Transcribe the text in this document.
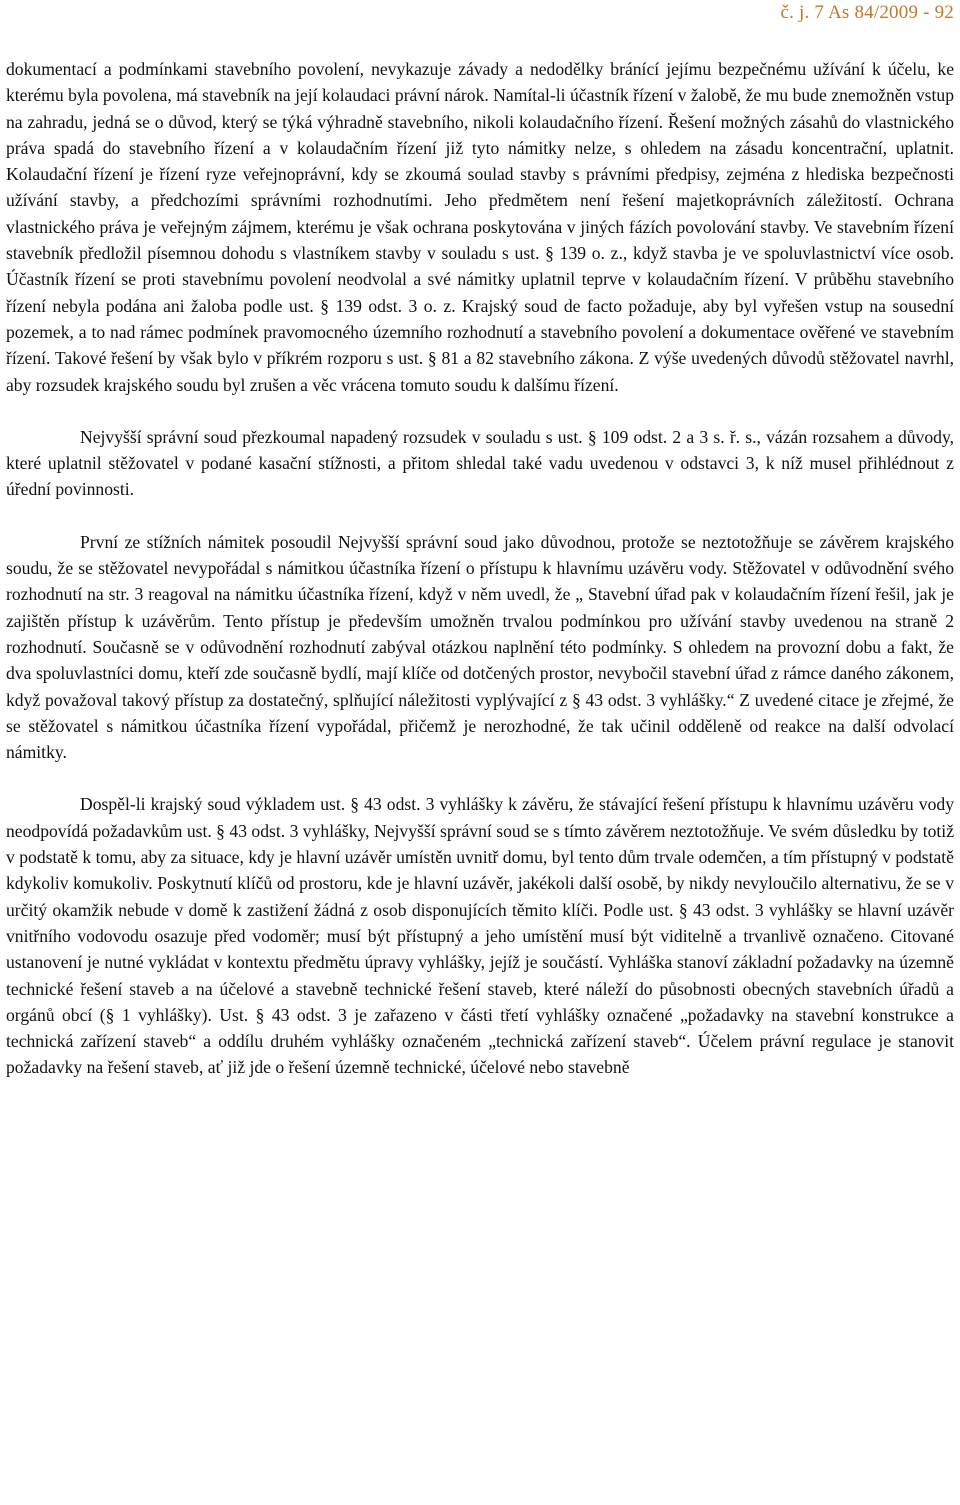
č. j. 7 As 84/2009 - 92

dokumentací a podmínkami stavebního povolení, nevykazuje závady a nedodělky bránící jejímu bezpečnému užívání k účelu, ke kterému byla povolena, má stavebník na její kolaudaci právní nárok. Namítal-li účastník řízení v žalobě, že mu bude znemožněn vstup na zahradu, jedná se o důvod, který se týká výhradně stavebního, nikoli kolaudačního řízení. Řešení možných zásahů do vlastnického práva spadá do stavebního řízení a v kolaudačním řízení již tyto námitky nelze, s ohledem na zásadu koncentrační, uplatnit. Kolaudační řízení je řízení ryze veřejnoprávní, kdy se zkoumá soulad stavby s právními předpisy, zejména z hlediska bezpečnosti užívání stavby, a předchozími správními rozhodnutími. Jeho předmětem není řešení majetkoprávních záležitostí. Ochrana vlastnického práva je veřejným zájmem, kterému je však ochrana poskytována v jiných fázích povolování stavby. Ve stavebním řízení stavebník předložil písemnou dohodu s vlastníkem stavby v souladu s ust. § 139 o. z., když stavba je ve spoluvlastnictví více osob. Účastník řízení se proti stavebnímu povolení neodvolal a své námitky uplatnil teprve v kolaudačním řízení. V průběhu stavebního řízení nebyla podána ani žaloba podle ust. § 139 odst. 3 o. z. Krajský soud de facto požaduje, aby byl vyřešen vstup na sousední pozemek, a to nad rámec podmínek pravomocného územního rozhodnutí a stavebního povolení a dokumentace ověřené ve stavebním řízení. Takové řešení by však bylo v příkrém rozporu s ust. § 81 a 82 stavebního zákona. Z výše uvedených důvodů stěžovatel navrhl, aby rozsudek krajského soudu byl zrušen a věc vrácena tomuto soudu k dalšímu řízení.

Nejvyšší správní soud přezkoumal napadený rozsudek v souladu s ust. § 109 odst. 2 a 3 s. ř. s., vázán rozsahem a důvody, které uplatnil stěžovatel v podané kasační stížnosti, a přitom shledal také vadu uvedenou v odstavci 3, k níž musel přihlédnout z úřední povinnosti.

První ze stížních námitek posoudil Nejvyšší správní soud jako důvodnou, protože se neztotožňuje se závěrem krajského soudu, že se stěžovatel nevypořádal s námitkou účastníka řízení o přístupu k hlavnímu uzávěru vody. Stěžovatel v odůvodnění svého rozhodnutí na str. 3 reagoval na námitku účastníka řízení, když v něm uvedl, že „ Stavební úřad pak v kolaudačním řízení řešil, jak je zajištěn přístup k uzávěrům. Tento přístup je především umožněn trvalou podmínkou pro užívání stavby uvedenou na straně 2 rozhodnutí. Současně se v odůvodnění rozhodnutí zabýval otázkou naplnění této podmínky. S ohledem na provozní dobu a fakt, že dva spoluvlastníci domu, kteří zde současně bydlí, mají klíče od dotčených prostor, nevybočil stavební úřad z rámce daného zákonem, když považoval takový přístup za dostatečný, splňující náležitosti vyplývající z § 43 odst. 3 vyhlášky.“ Z uvedené citace je zřejmé, že se stěžovatel s námitkou účastníka řízení vypořádal, přičemž je nerozhodné, že tak učinil odděleně od reakce na další odvolací námitky.

Dospěl-li krajský soud výkladem ust. § 43 odst. 3 vyhlášky k závěru, že stávající řešení přístupu k hlavnímu uzávěru vody neodpovídá požadavkům ust. § 43 odst. 3 vyhlášky, Nejvyšší správní soud se s tímto závěrem neztotožňuje. Ve svém důsledku by totiž v podstatě k tomu, aby za situace, kdy je hlavní uzávěr umístěn uvnitř domu, byl tento dům trvale odemčen, a tím přístupný v podstatě kdykoliv komukoliv. Poskytnutí klíčů od prostoru, kde je hlavní uzávěr, jakékoli další osobě, by nikdy nevyloučilo alternativu, že se v určitý okamžik nebude v domě k zastižení žádná z osob disponujících těmito klíči. Podle ust. § 43 odst. 3 vyhlášky se hlavní uzávěr vnitřního vodovodu osazuje před vodoměr; musí být přístupný a jeho umístění musí být viditelně a trvanlivě označeno. Citované ustanovení je nutné vykládat v kontextu předmětu úpravy vyhlášky, jejíž je součástí. Vyhláška stanoví základní požadavky na územně technické řešení staveb a na účelové a stavebně technické řešení staveb, které náleží do působnosti obecných stavebních úřadů a orgánů obcí (§ 1 vyhlášky). Ust. § 43 odst. 3 je zařazeno v části třetí vyhlášky označené „požadavky na stavební konstrukce a technická zařízení staveb“ a oddílu druhém vyhlášky označeném „technická zařízení staveb“. Účelem právní regulace je stanovit požadavky na řešení staveb, ať již jde o řešení územně technické, účelové nebo stavebně
